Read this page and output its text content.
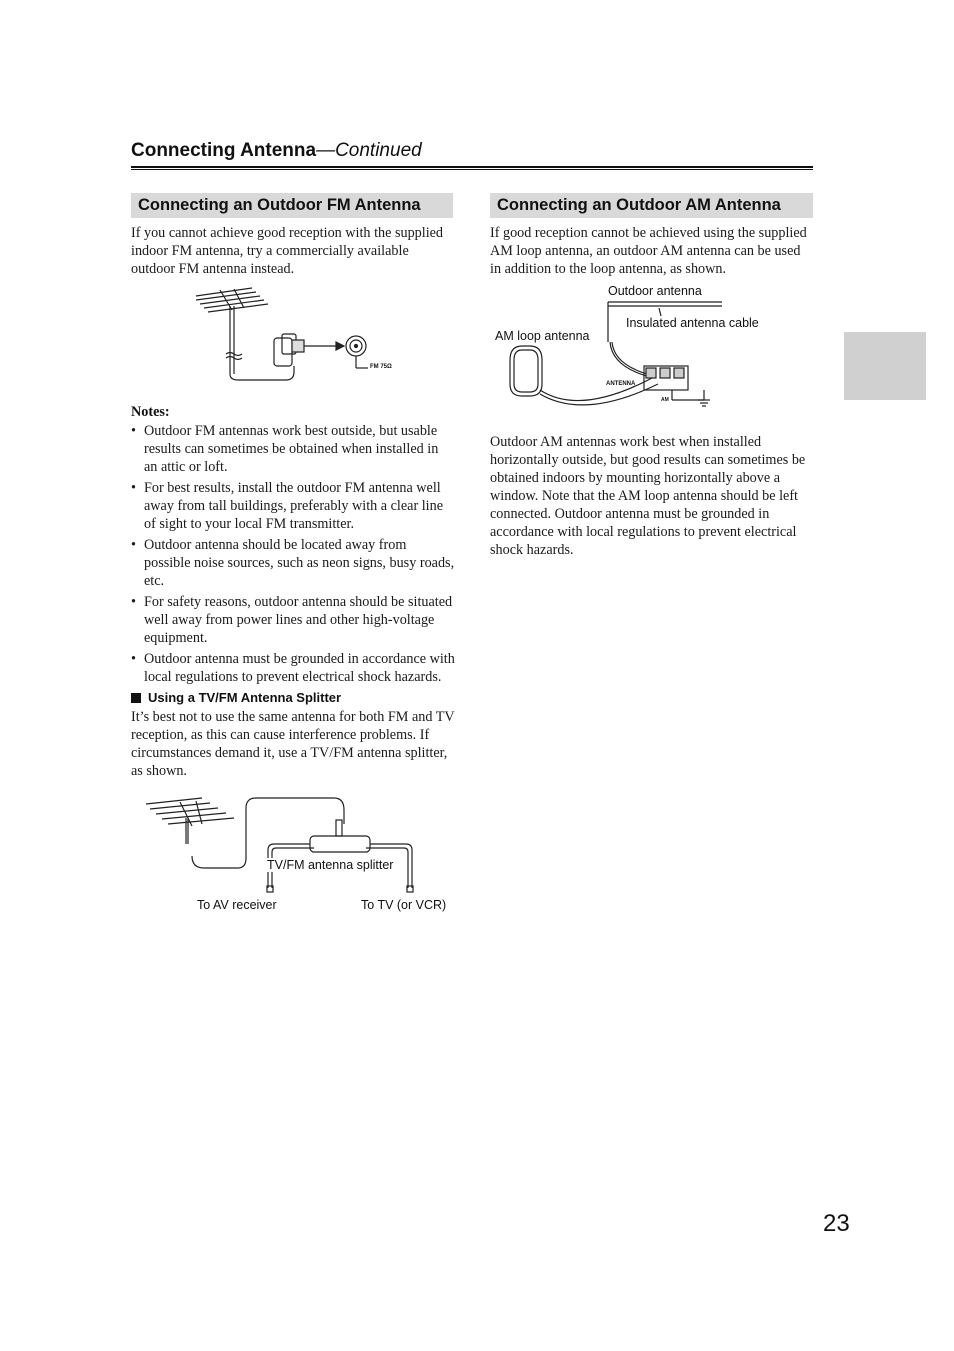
Connecting Antenna—Continued
Connecting an Outdoor FM Antenna
If you cannot achieve good reception with the supplied indoor FM antenna, try a commercially available outdoor FM antenna instead.
FM 75Ω
Notes:
• Outdoor FM antennas work best outside, but usable results can sometimes be obtained when installed in an attic or loft.
• For best results, install the outdoor FM antenna well away from tall buildings, preferably with a clear line of sight to your local FM transmitter.
• Outdoor antenna should be located away from possible noise sources, such as neon signs, busy roads, etc.
• For safety reasons, outdoor antenna should be situated well away from power lines and other high-voltage equipment.
• Outdoor antenna must be grounded in accordance with local regulations to prevent electrical shock hazards.
Using a TV/FM Antenna Splitter
It’s best not to use the same antenna for both FM and TV reception, as this can cause interference problems. If circumstances demand it, use a TV/FM antenna splitter, as shown.
TV/FM antenna splitter
To AV receiver	To TV (or VCR)
Connecting an Outdoor AM Antenna
If good reception cannot be achieved using the supplied AM loop antenna, an outdoor AM antenna can be used in addition to the loop antenna, as shown.
Outdoor antenna
Insulated antenna cable
AM loop antenna
ANTENNA
AM
Outdoor AM antennas work best when installed horizontally outside, but good results can sometimes be obtained indoors by mounting horizontally above a window. Note that the AM loop antenna should be left connected. Outdoor antenna must be grounded in accordance with local regulations to prevent electrical shock hazards.
23
